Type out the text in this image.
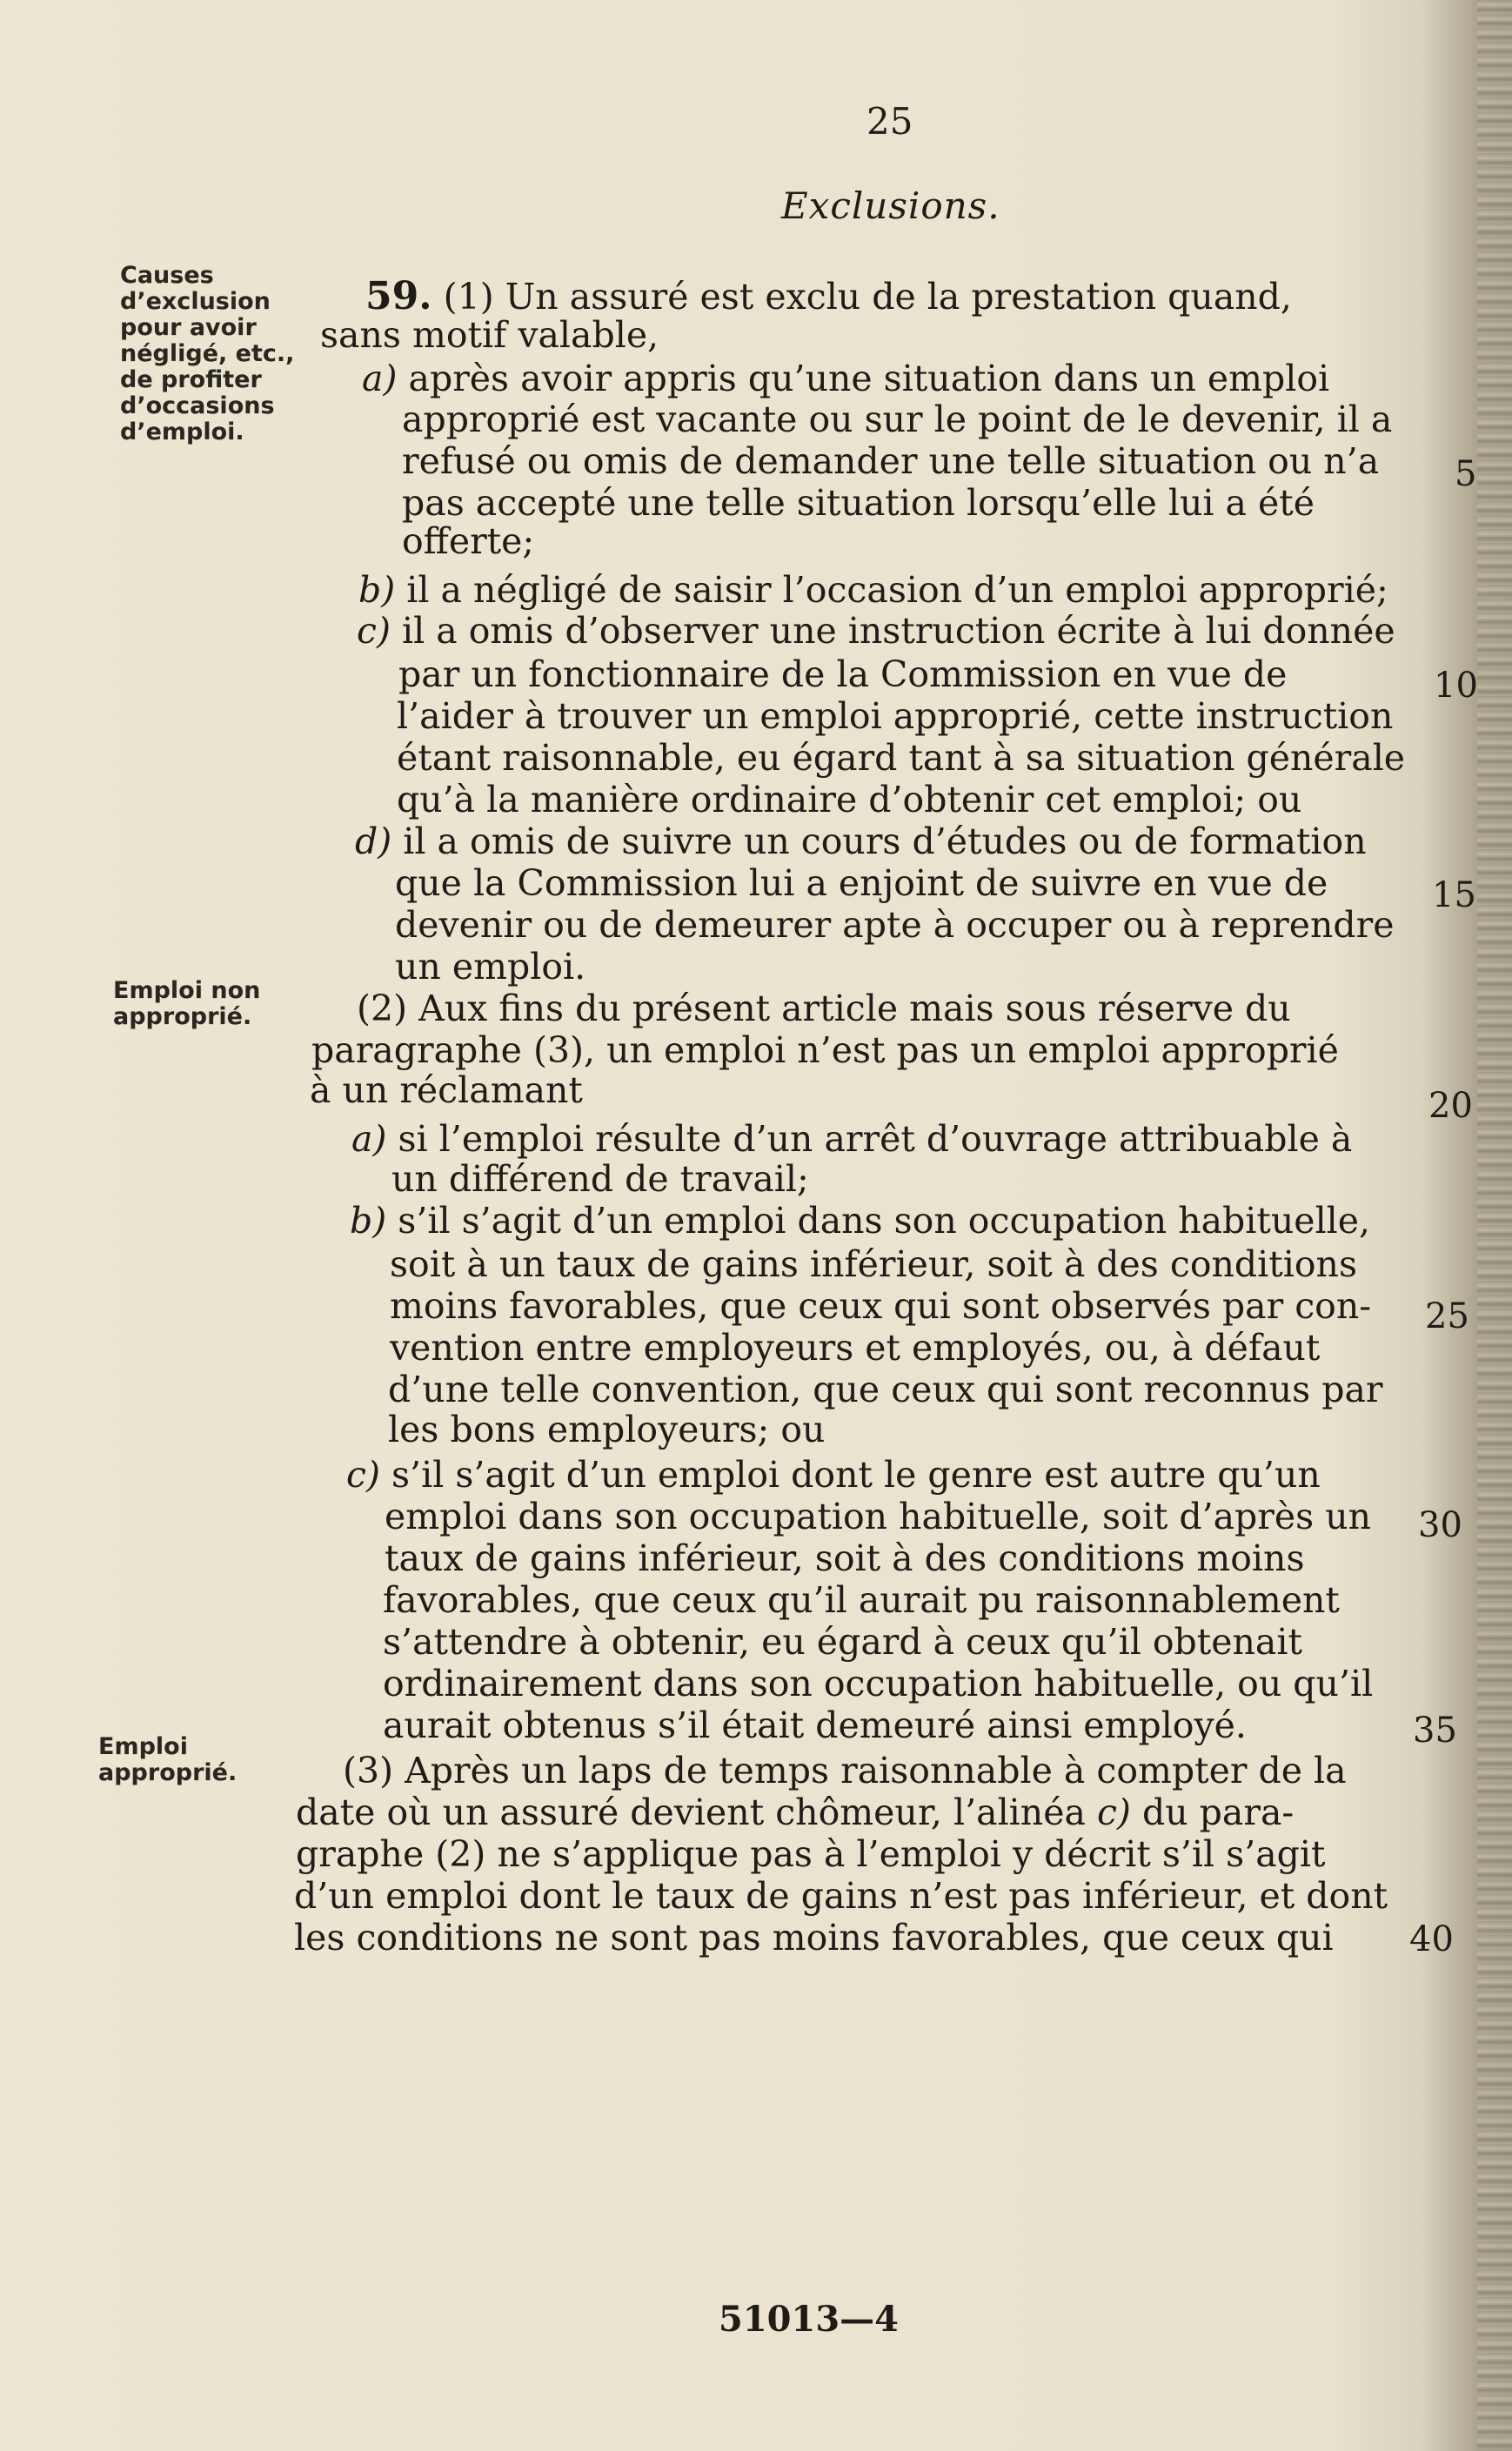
25
Exclusions.
Causes
d’exclusion
pour avoir
négligé, etc.,
de profiter
d’occasions
d’emploi.
Emploi non
approprié.
Emploi
approprié.
59. (1) Un assuré est exclu de la prestation quand,
sans motif valable,
a) après avoir appris qu’une situation dans un emploi
approprié est vacante ou sur le point de le devenir, il a
refusé ou omis de demander une telle situation ou n’a
pas accepté une telle situation lorsqu’elle lui a été
offerte;
b) il a négligé de saisir l’occasion d’un emploi approprié;
c) il a omis d’observer une instruction écrite à lui donnée
par un fonctionnaire de la Commission en vue de
l’aider à trouver un emploi approprié, cette instruction
étant raisonnable, eu égard tant à sa situation générale
qu’à la manière ordinaire d’obtenir cet emploi; ou
d) il a omis de suivre un cours d’études ou de formation
que la Commission lui a enjoint de suivre en vue de
devenir ou de demeurer apte à occuper ou à reprendre
un emploi.
(2) Aux fins du présent article mais sous réserve du
paragraphe (3), un emploi n’est pas un emploi approprié
à un réclamant
a) si l’emploi résulte d’un arrêt d’ouvrage attribuable à
un différend de travail;
b) s’il s’agit d’un emploi dans son occupation habituelle,
soit à un taux de gains inférieur, soit à des conditions
moins favorables, que ceux qui sont observés par con-
vention entre employeurs et employés, ou, à défaut
d’une telle convention, que ceux qui sont reconnus par
les bons employeurs; ou
c) s’il s’agit d’un emploi dont le genre est autre qu’un
emploi dans son occupation habituelle, soit d’après un
taux de gains inférieur, soit à des conditions moins
favorables, que ceux qu’il aurait pu raisonnablement
s’attendre à obtenir, eu égard à ceux qu’il obtenait
ordinairement dans son occupation habituelle, ou qu’il
aurait obtenus s’il était demeuré ainsi employé.
(3) Après un laps de temps raisonnable à compter de la
date où un assuré devient chômeur, l’alinéa c) du para-
graphe (2) ne s’applique pas à l’emploi y décrit s’il s’agit
d’un emploi dont le taux de gains n’est pas inférieur, et dont
les conditions ne sont pas moins favorables, que ceux qui
5
10
15
20
25
30
35
40
51013—4
